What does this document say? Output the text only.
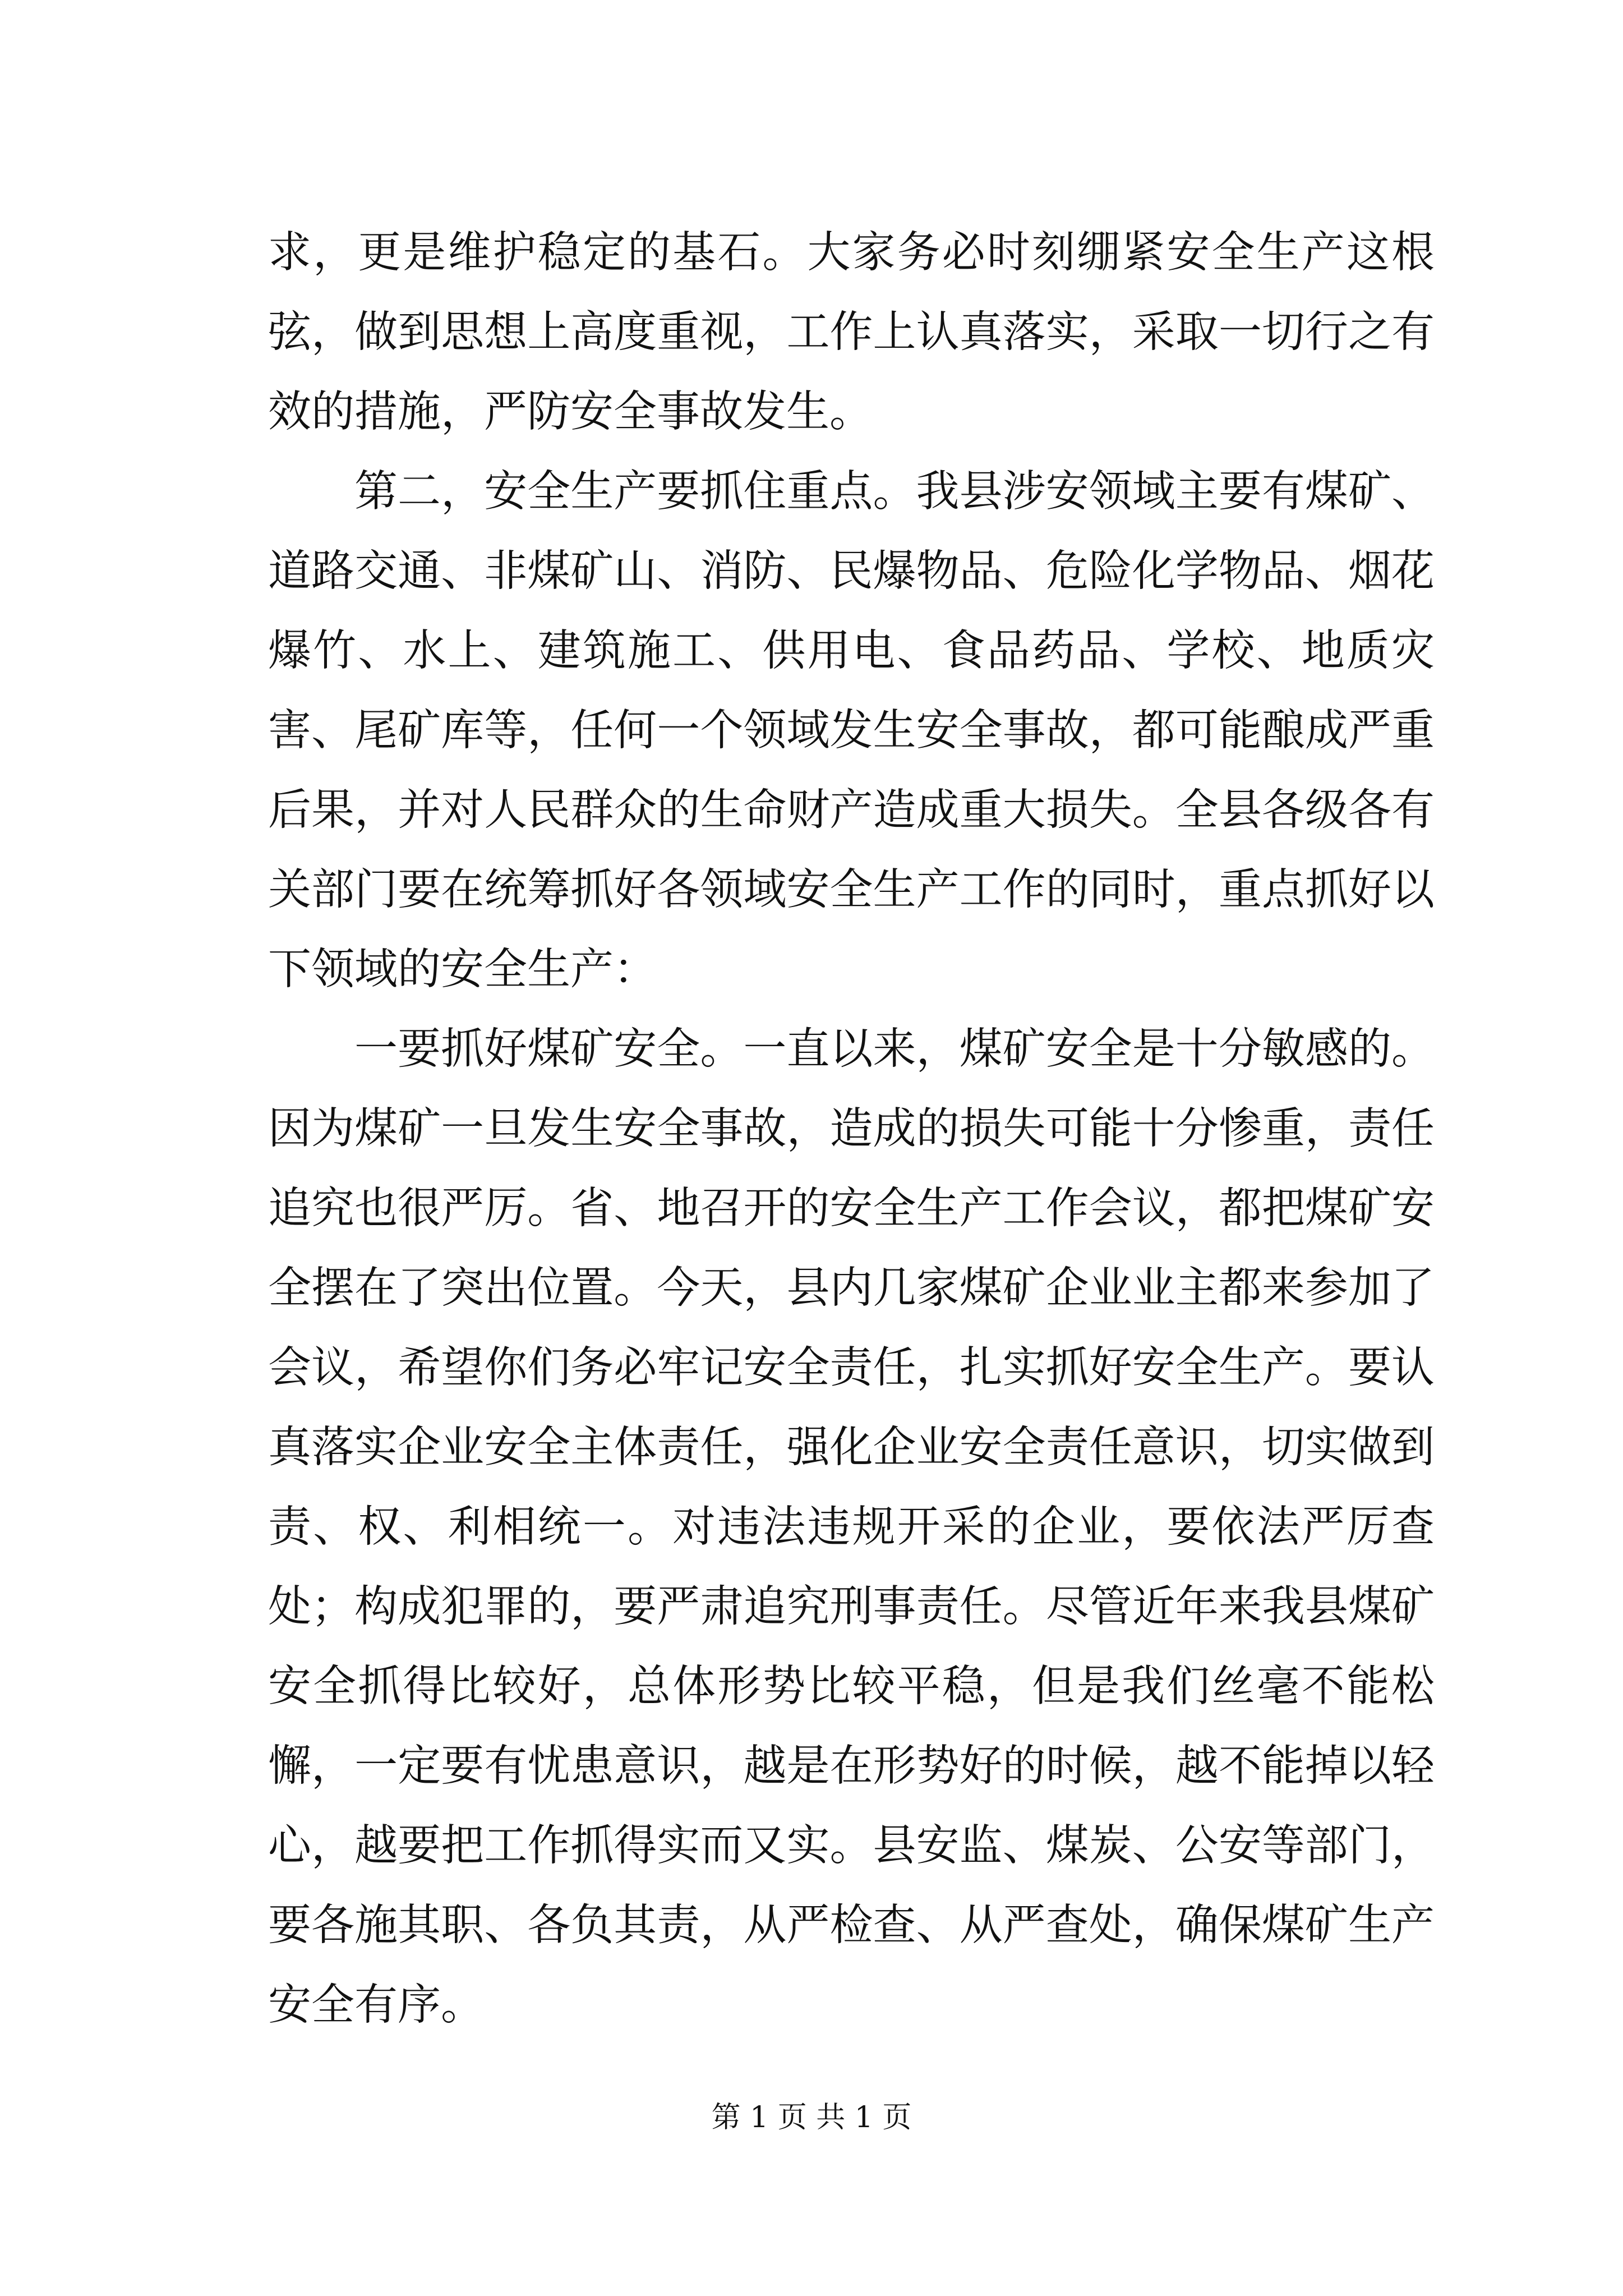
求，更是维护稳定的基石。大家务必时刻绷紧安全生产这根弦，做到思想上高度重视，工作上认真落实，采取一切行之有效的措施，严防安全事故发生。

第二，安全生产要抓住重点。我县涉安领域主要有煤矿、道路交通、非煤矿山、消防、民爆物品、危险化学物品、烟花爆竹、水上、建筑施工、供用电、食品药品、学校、地质灾害、尾矿库等，任何一个领域发生安全事故，都可能酿成严重后果，并对人民群众的生命财产造成重大损失。全县各级各有关部门要在统筹抓好各领域安全生产工作的同时，重点抓好以下领域的安全生产：

一要抓好煤矿安全。一直以来，煤矿安全是十分敏感的。因为煤矿一旦发生安全事故，造成的损失可能十分惨重，责任追究也很严厉。省、地召开的安全生产工作会议，都把煤矿安全摆在了突出位置。今天，县内几家煤矿企业业主都来参加了会议，希望你们务必牢记安全责任，扎实抓好安全生产。要认真落实企业安全主体责任，强化企业安全责任意识，切实做到责、权、利相统一。对违法违规开采的企业，要依法严厉查处；构成犯罪的，要严肃追究刑事责任。尽管近年来我县煤矿安全抓得比较好，总体形势比较平稳，但是我们丝毫不能松懈，一定要有忧患意识，越是在形势好的时候，越不能掉以轻心，越要把工作抓得实而又实。县安监、煤炭、公安等部门，要各施其职、各负其责，从严检查、从严查处，确保煤矿生产安全有序。

第 1 页 共 1 页
